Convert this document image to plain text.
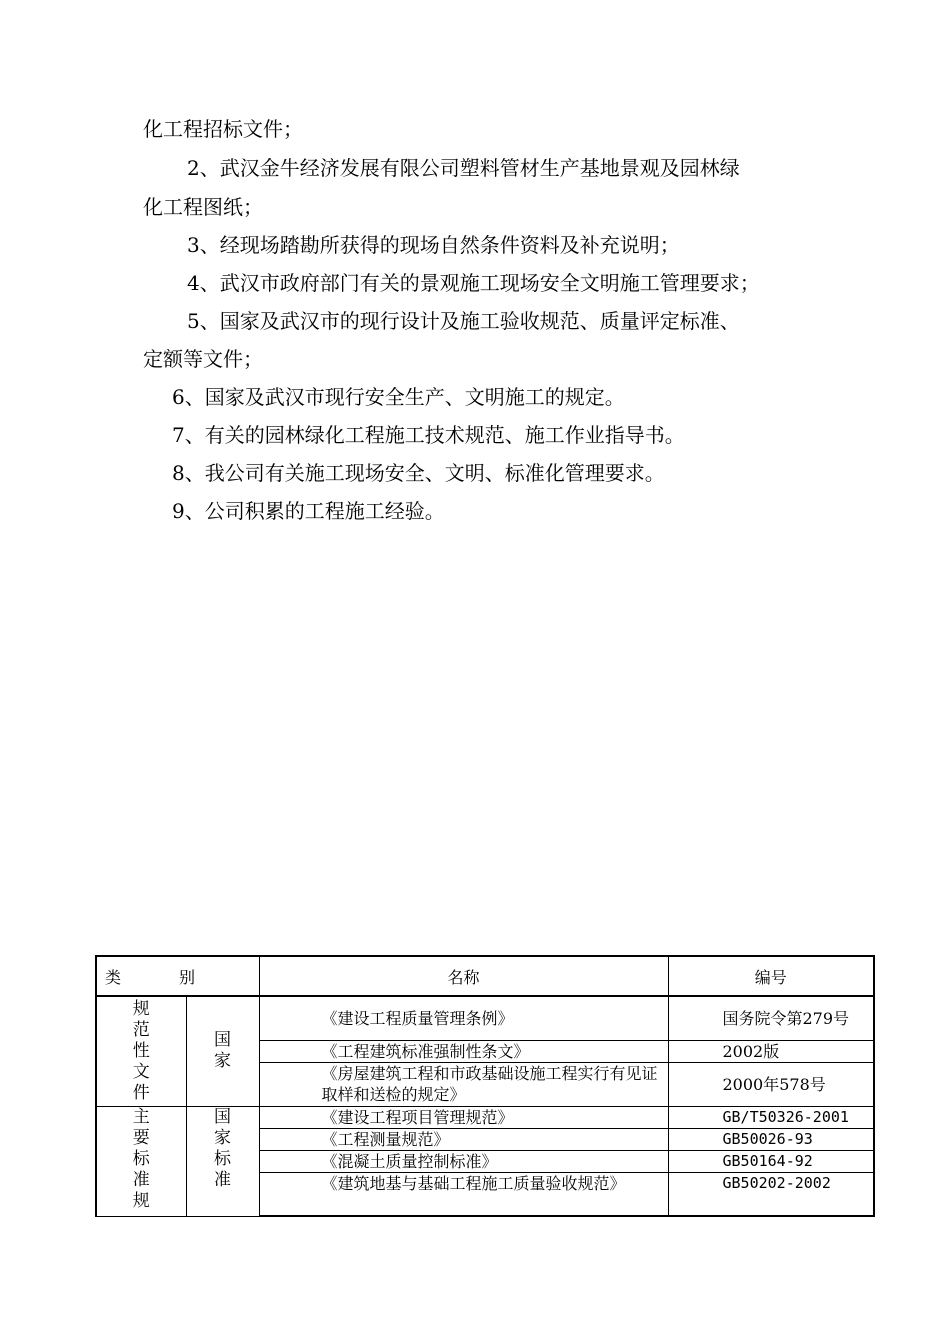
化工程招标文件；
2、武汉金牛经济发展有限公司塑料管材生产基地景观及园林绿
化工程图纸；
3、经现场踏勘所获得的现场自然条件资料及补充说明；
4、武汉市政府部门有关的景观施工现场安全文明施工管理要求；
5、国家及武汉市的现行设计及施工验收规范、质量评定标准、
定额等文件；
6、国家及武汉市现行安全生产、文明施工的规定。
7、有关的园林绿化工程施工技术规范、施工作业指导书。
8、我公司有关施工现场安全、文明、标准化管理要求。
9、公司积累的工程施工经验。
类 别		名称	编号
规范性文件	国家	《建设工程质量管理条例》	国务院令第279号
		《工程建筑标准强制性条文》	2002版
		《房屋建筑工程和市政基础设施工程实行有见证取样和送检的规定》	2000年578号
主要标准规	国家标准	《建设工程项目管理规范》	GB/T50326-2001
		《工程测量规范》	GB50026-93
		《混凝土质量控制标准》	GB50164-92
		《建筑地基与基础工程施工质量验收规范》	GB50202-2002
